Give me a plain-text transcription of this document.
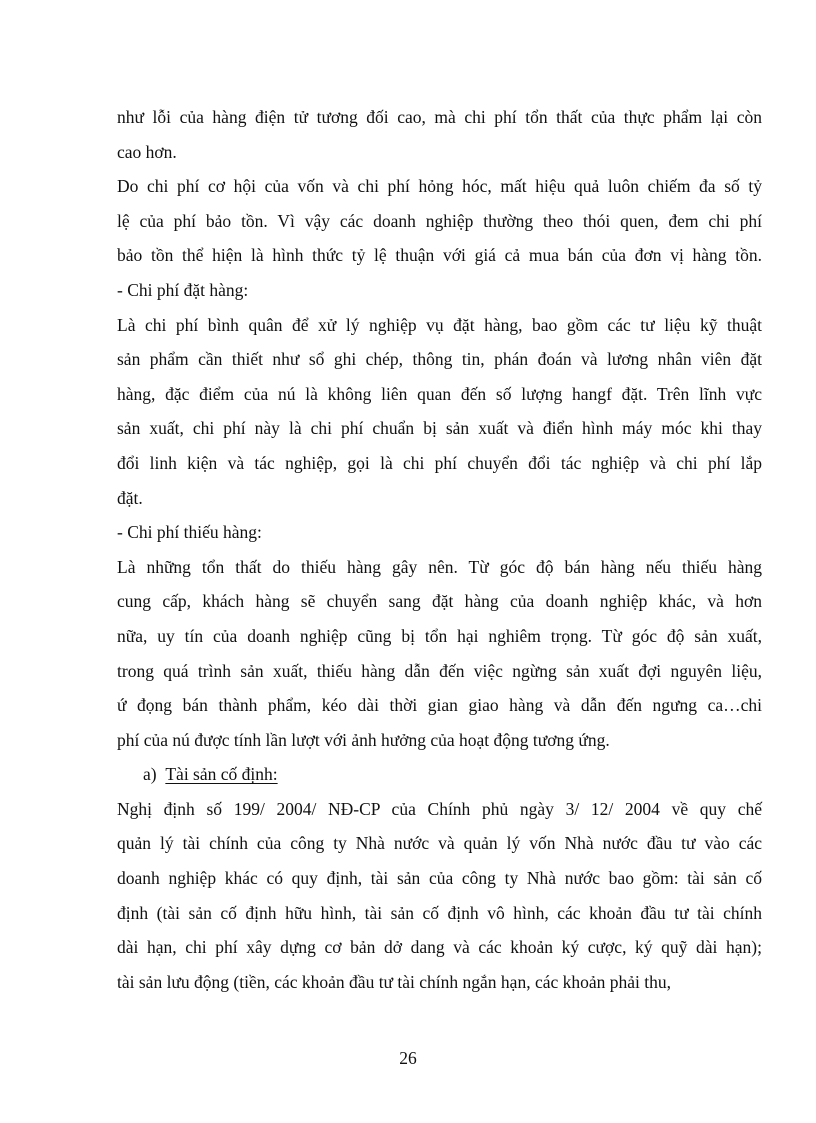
như lỗi của hàng điện tử tương đối cao, mà chi phí tổn thất của thực phẩm lại còn
cao hơn.
Do chi phí cơ hội của vốn và chi phí hỏng hóc, mất hiệu quả luôn chiếm đa số tỷ
lệ của phí bảo tồn. Vì vậy các doanh nghiệp thường theo thói quen, đem chi phí
bảo tồn thể hiện là hình thức tỷ lệ thuận với giá cả mua bán của đơn vị hàng tồn.
- Chi phí đặt hàng:
Là chi phí bình quân để xử lý nghiệp vụ đặt hàng, bao gồm các tư liệu kỹ thuật
sản phẩm cần thiết như sổ ghi chép, thông tin, phán đoán và lương nhân viên đặt
hàng, đặc điểm của nú là không liên quan đến số lượng hangf đặt. Trên lĩnh vực
sản xuất, chi phí này là chi phí chuẩn bị sản xuất và điển hình máy móc khi thay
đổi linh kiện và tác nghiệp, gọi là chi phí chuyển đổi tác nghiệp và chi phí lắp
đặt.
- Chi phí thiếu hàng:
Là những tổn thất do thiếu hàng gây nên. Từ góc độ bán hàng nếu thiếu hàng
cung cấp, khách hàng sẽ chuyển sang đặt hàng của doanh nghiệp khác, và hơn
nữa, uy tín của doanh nghiệp cũng bị tổn hại nghiêm trọng. Từ góc độ sản xuất,
trong quá trình sản xuất, thiếu hàng dẫn đến việc ngừng sản xuất đợi nguyên liệu,
ứ đọng bán thành phẩm, kéo dài thời gian giao hàng và dẫn đến ngưng ca…chi
phí của nú được tính lần lượt với ảnh hưởng của hoạt động tương ứng.
a) Tài sản cố định:
Nghị định số 199/ 2004/ NĐ-CP của Chính phủ ngày 3/ 12/ 2004 về quy chế
quản lý tài chính của công ty Nhà nước và quản lý vốn Nhà nước đầu tư vào các
doanh nghiệp khác có quy định, tài sản của công ty Nhà nước bao gồm: tài sản cố
định (tài sản cố định hữu hình, tài sản cố định vô hình, các khoản đầu tư tài chính
dài hạn, chi phí xây dựng cơ bản dở dang và các khoản ký cược, ký quỹ dài hạn);
tài sản lưu động (tiền, các khoản đầu tư tài chính ngắn hạn, các khoản phải thu,
26
